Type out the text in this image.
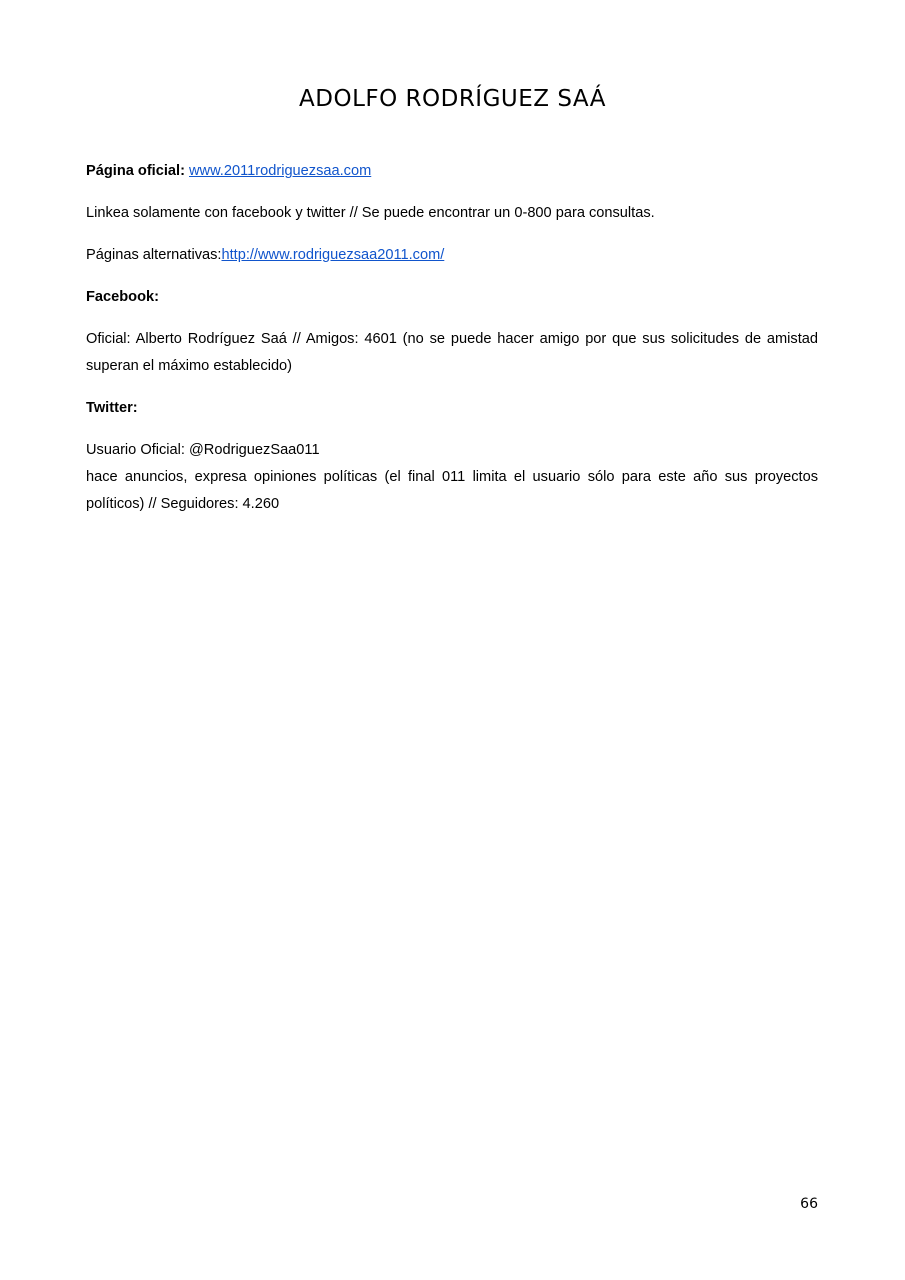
ADOLFO RODRÍGUEZ SAÁ

Página oficial: www.2011rodriguezsaa.com

Linkea solamente con facebook y twitter // Se puede encontrar un 0-800 para consultas.

Páginas alternativas:http://www.rodriguezsaa2011.com/

Facebook:

Oficial: Alberto Rodríguez Saá // Amigos: 4601 (no se puede hacer amigo por que sus solicitudes de amistad superan el máximo establecido)

Twitter:

Usuario Oficial: @RodriguezSaa011
hace anuncios, expresa opiniones políticas (el final 011 limita el usuario sólo para este año sus proyectos políticos) // Seguidores: 4.260

66
